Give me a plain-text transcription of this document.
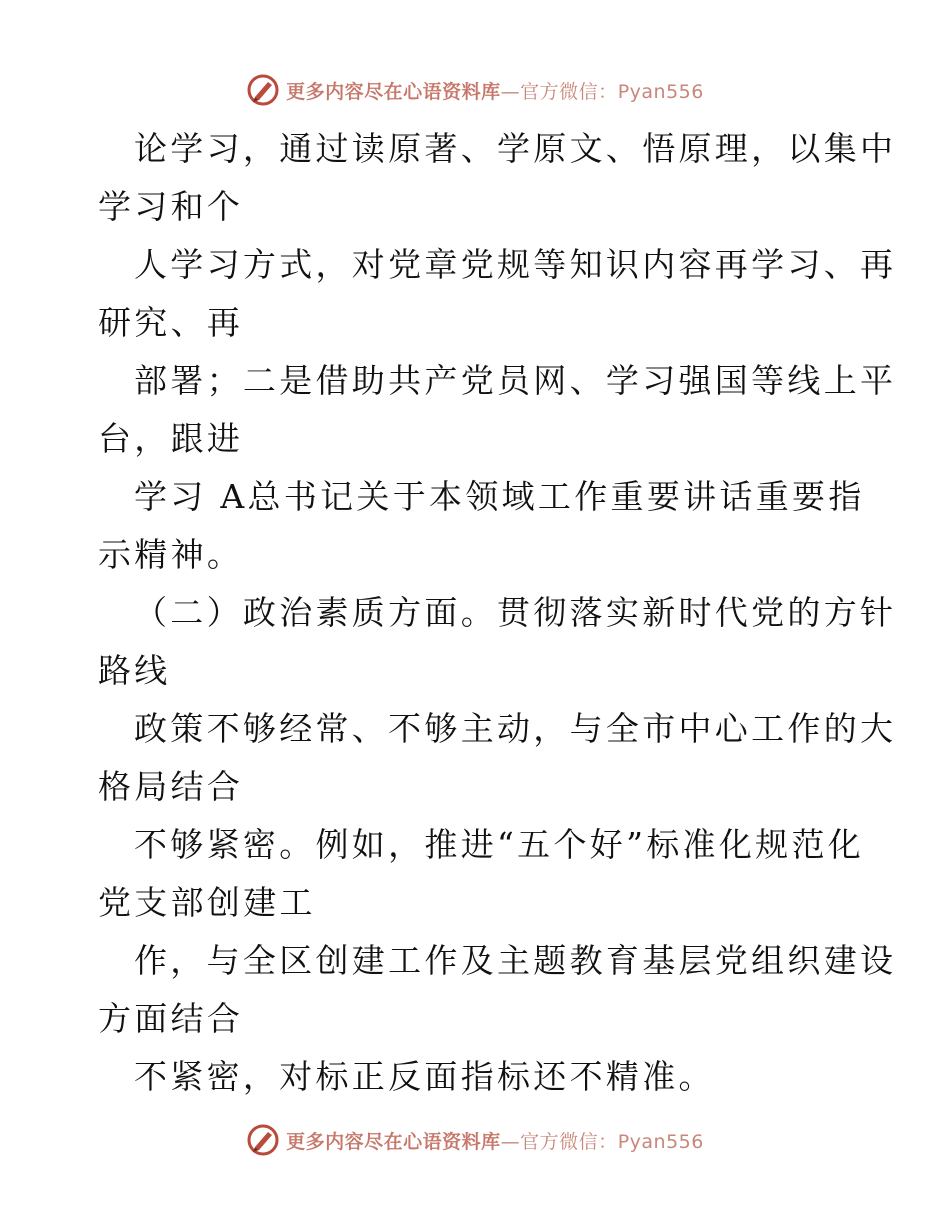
更多内容尽在心语资料库—官方微信：Pyan556
论学习，通过读原著、学原文、悟原理，以集中
学习和个
人学习方式，对党章党规等知识内容再学习、再
研究、再
部署；二是借助共产党员网、学习强国等线上平
台，跟进
学习 A总书记关于本领域工作重要讲话重要指
示精神。
（二）政治素质方面。贯彻落实新时代党的方针
路线
政策不够经常、不够主动，与全市中心工作的大
格局结合
不够紧密。例如，推进“五个好”标准化规范化
党支部创建工
作，与全区创建工作及主题教育基层党组织建设
方面结合
不紧密，对标正反面指标还不精准。
更多内容尽在心语资料库—官方微信：Pyan556
